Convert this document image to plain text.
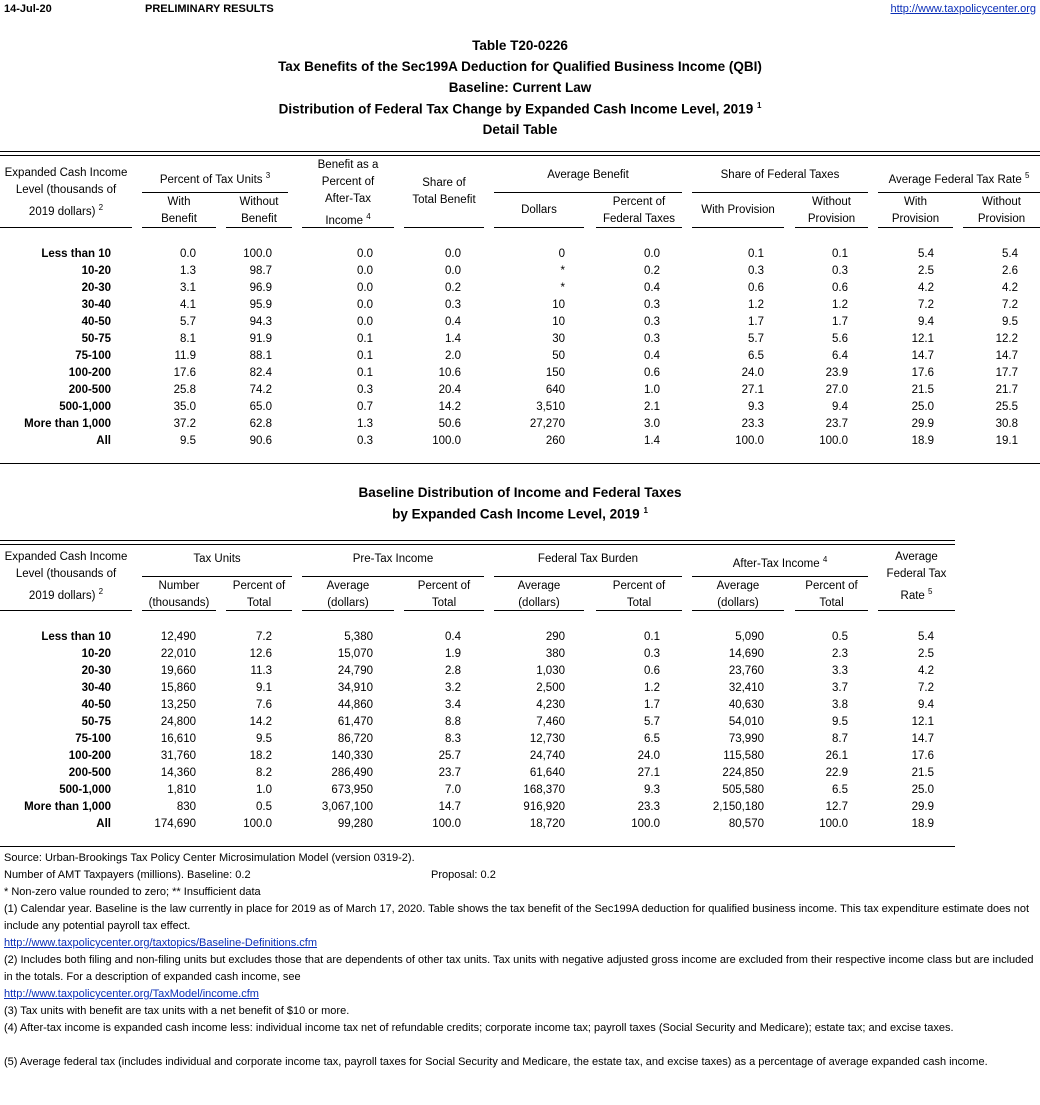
14-Jul-20	PRELIMINARY RESULTS	http://www.taxpolicycenter.org
Table T20-0226
Tax Benefits of the Sec199A Deduction for Qualified Business Income (QBI)
Baseline: Current Law
Distribution of Federal Tax Change by Expanded Cash Income Level, 2019 $^1$
Detail Table
Expanded Cash Income
Level (thousands of
2019 dollars) $^2$
Percent of Tax Units $^3$
With
Benefit
Without
Benefit
Benefit as a
Percent of
After-Tax
Income $^4$
Share of
Total Benefit
Average Benefit
Dollars
Percent of
Federal Taxes
Share of Federal Taxes
With Provision
Without
Provision
Average Federal Tax Rate $^5$
With
Provision
Without
Provision
Less than 10	0.0	100.0	0.0	0.0	0	0.0	0.1	0.1	5.4	5.4
10-20	1.3	98.7	0.0	0.0	*	0.2	0.3	0.3	2.5	2.6
20-30	3.1	96.9	0.0	0.2	*	0.4	0.6	0.6	4.2	4.2
30-40	4.1	95.9	0.0	0.3	10	0.3	1.2	1.2	7.2	7.2
40-50	5.7	94.3	0.0	0.4	10	0.3	1.7	1.7	9.4	9.5
50-75	8.1	91.9	0.1	1.4	30	0.3	5.7	5.6	12.1	12.2
75-100	11.9	88.1	0.1	2.0	50	0.4	6.5	6.4	14.7	14.7
100-200	17.6	82.4	0.1	10.6	150	0.6	24.0	23.9	17.6	17.7
200-500	25.8	74.2	0.3	20.4	640	1.0	27.1	27.0	21.5	21.7
500-1,000	35.0	65.0	0.7	14.2	3,510	2.1	9.3	9.4	25.0	25.5
More than 1,000	37.2	62.8	1.3	50.6	27,270	3.0	23.3	23.7	29.9	30.8
All	9.5	90.6	0.3	100.0	260	1.4	100.0	100.0	18.9	19.1
Baseline Distribution of Income and Federal Taxes
by Expanded Cash Income Level, 2019 $^1$
Expanded Cash Income
Level (thousands of
2019 dollars) $^2$
Tax Units
Number
(thousands)
Percent of
Total
Pre-Tax Income
Average
(dollars)
Percent of
Total
Federal Tax Burden
Average
(dollars)
Percent of
Total
After-Tax Income $^4$
Average
(dollars)
Percent of
Total
Average
Federal Tax
Rate $^5$
Less than 10	12,490	7.2	5,380	0.4	290	0.1	5,090	0.5	5.4
10-20	22,010	12.6	15,070	1.9	380	0.3	14,690	2.3	2.5
20-30	19,660	11.3	24,790	2.8	1,030	0.6	23,760	3.3	4.2
30-40	15,860	9.1	34,910	3.2	2,500	1.2	32,410	3.7	7.2
40-50	13,250	7.6	44,860	3.4	4,230	1.7	40,630	3.8	9.4
50-75	24,800	14.2	61,470	8.8	7,460	5.7	54,010	9.5	12.1
75-100	16,610	9.5	86,720	8.3	12,730	6.5	73,990	8.7	14.7
100-200	31,760	18.2	140,330	25.7	24,740	24.0	115,580	26.1	17.6
200-500	14,360	8.2	286,490	23.7	61,640	27.1	224,850	22.9	21.5
500-1,000	1,810	1.0	673,950	7.0	168,370	9.3	505,580	6.5	25.0
More than 1,000	830	0.5	3,067,100	14.7	916,920	23.3	2,150,180	12.7	29.9
All	174,690	100.0	99,280	100.0	18,720	100.0	80,570	100.0	18.9
Source: Urban-Brookings Tax Policy Center Microsimulation Model (version 0319-2).
Number of AMT Taxpayers (millions). Baseline: 0.2	Proposal: 0.2
* Non-zero value rounded to zero; ** Insufficient data
(1) Calendar year. Baseline is the law currently in place for 2019 as of March 17, 2020. Table shows the tax benefit of the Sec199A deduction for qualified business income. This tax expenditure estimate does not include any potential payroll tax effect.
http://www.taxpolicycenter.org/taxtopics/Baseline-Definitions.cfm
(2) Includes both filing and non-filing units but excludes those that are dependents of other tax units. Tax units with negative adjusted gross income are excluded from their respective income class but are included in the totals. For a description of expanded cash income, see
http://www.taxpolicycenter.org/TaxModel/income.cfm
(3) Tax units with benefit are tax units with a net benefit of $10 or more.
(4) After-tax income is expanded cash income less: individual income tax net of refundable credits; corporate income tax; payroll taxes (Social Security and Medicare); estate tax; and excise taxes.
(5) Average federal tax (includes individual and corporate income tax, payroll taxes for Social Security and Medicare, the estate tax, and excise taxes) as a percentage of average expanded cash income.
